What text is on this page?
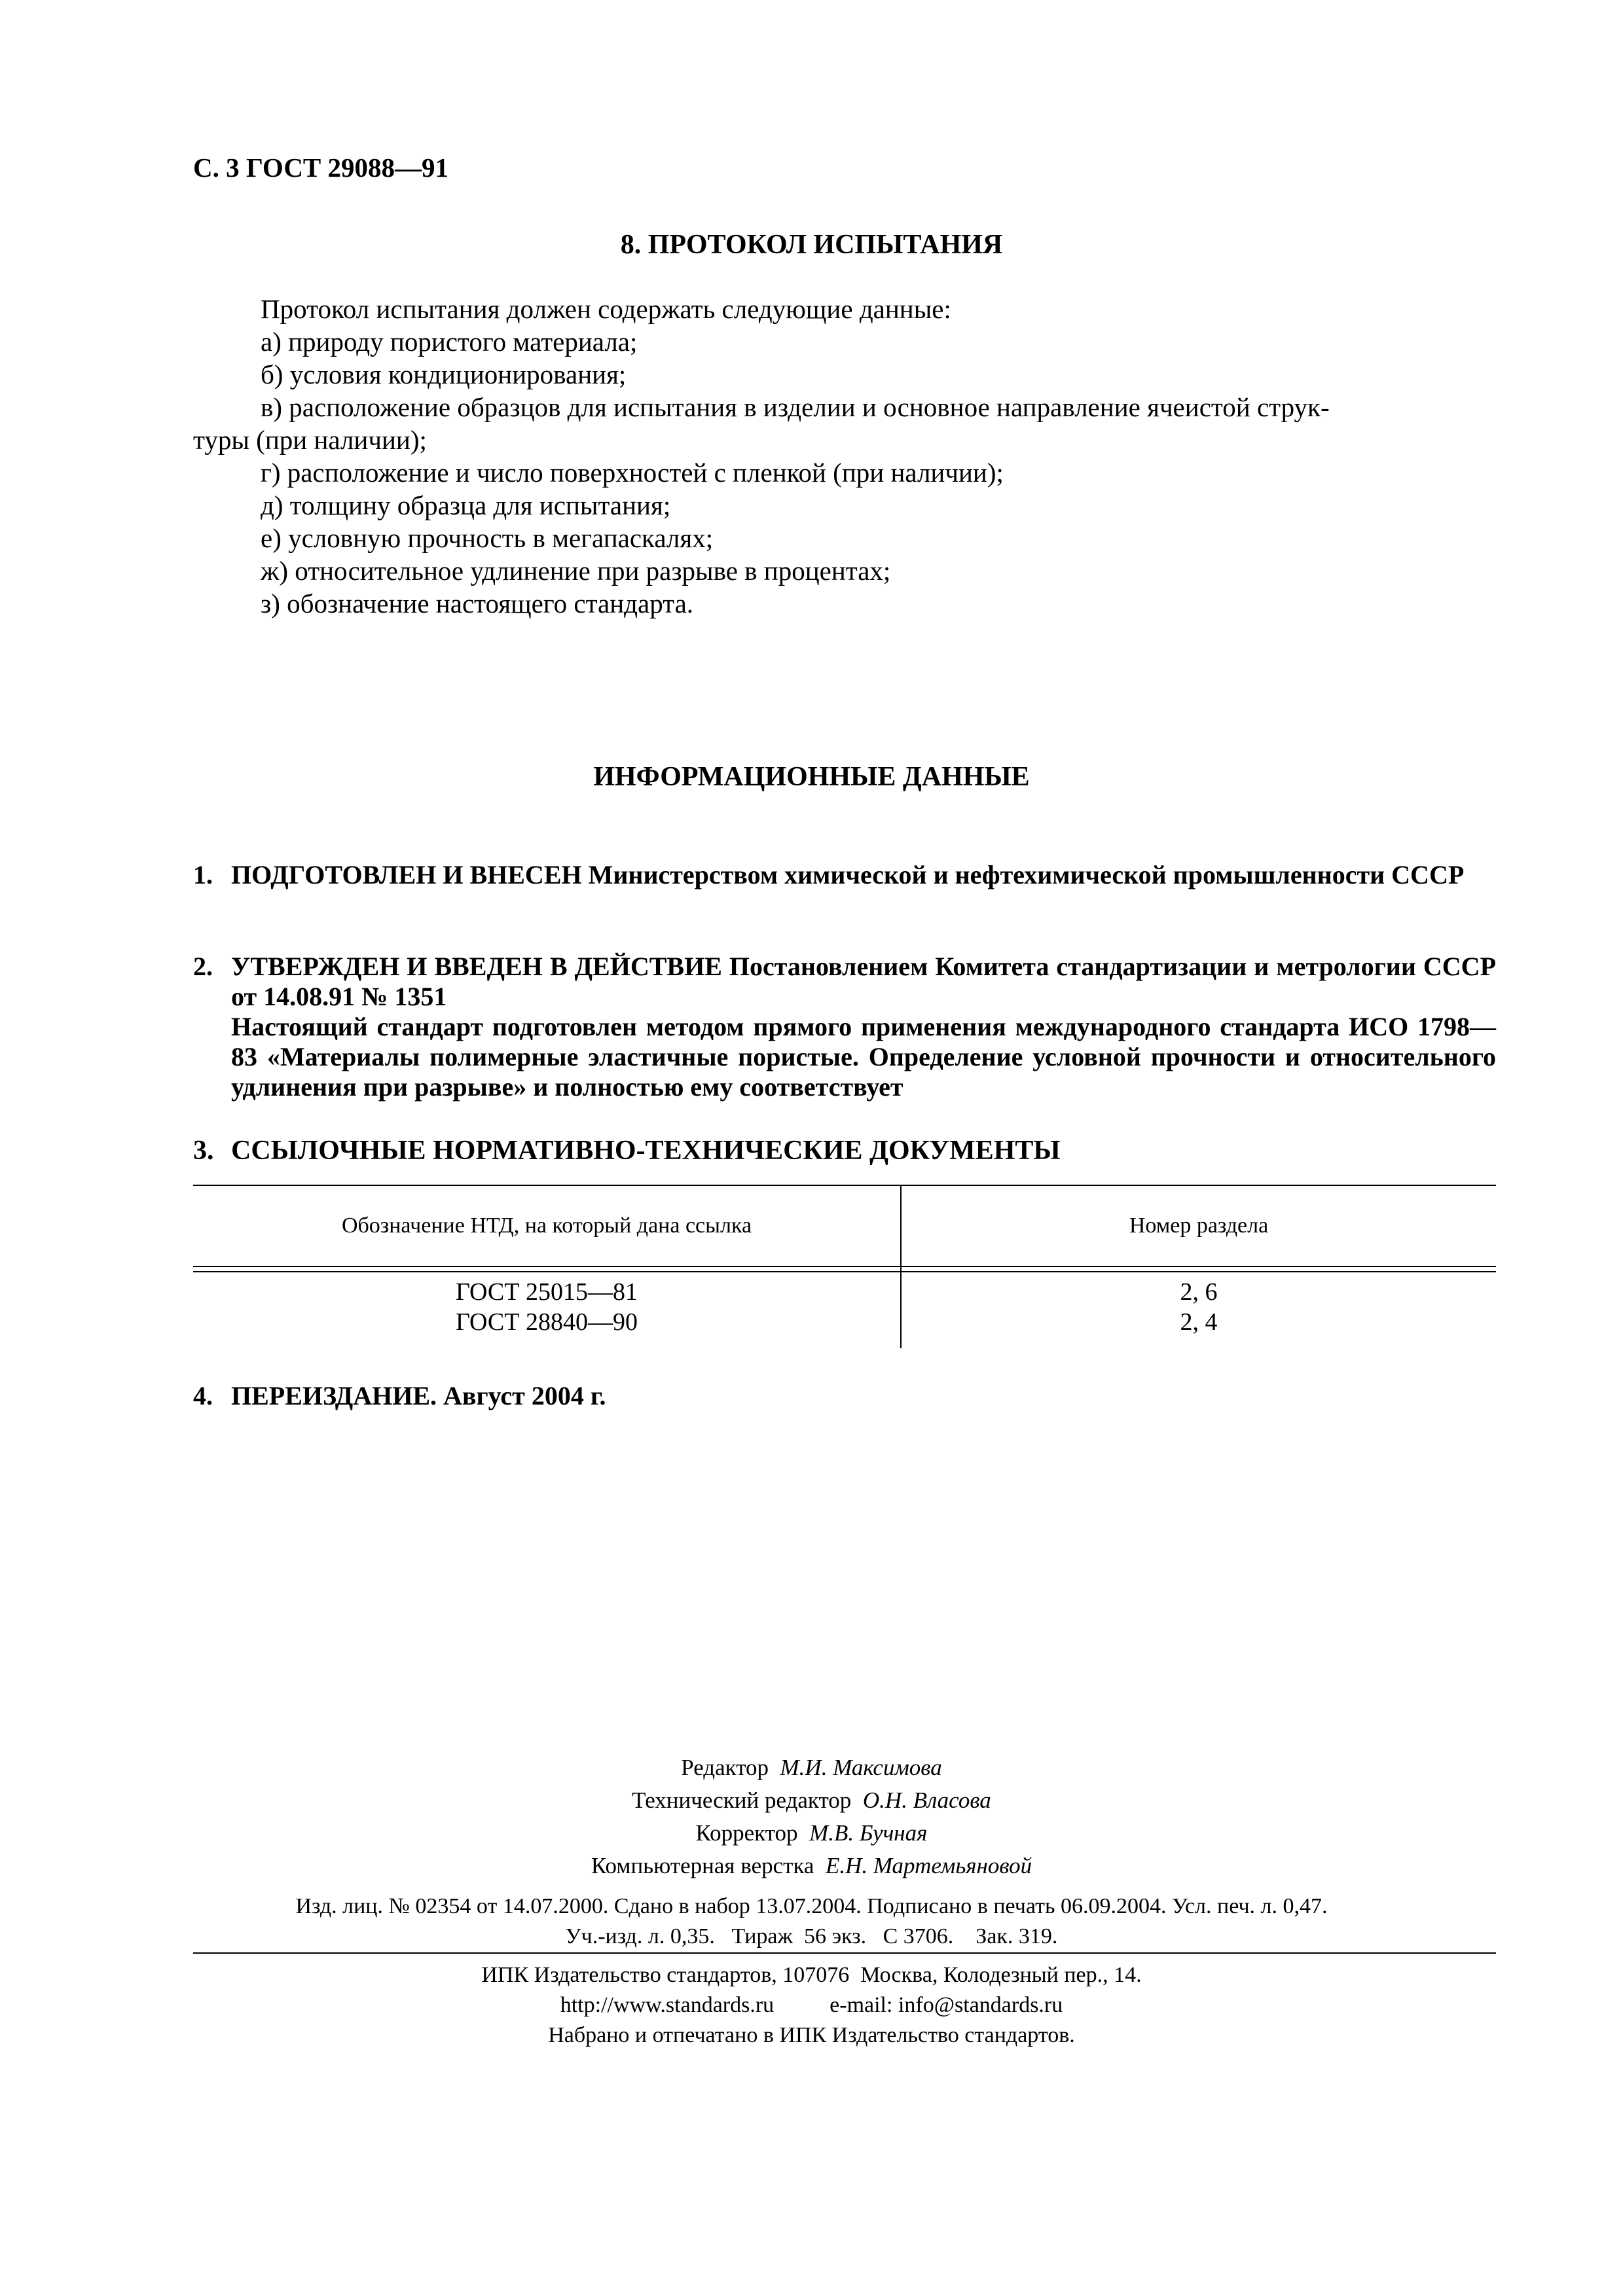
С. 3 ГОСТ 29088—91
8. ПРОТОКОЛ ИСПЫТАНИЯ
Протокол испытания должен содержать следующие данные:
а) природу пористого материала;
б) условия кондиционирования;
в) расположение образцов для испытания в изделии и основное направление ячеистой струк-
туры (при наличии);
г) расположение и число поверхностей с пленкой (при наличии);
д) толщину образца для испытания;
е) условную прочность в мегапаскалях;
ж) относительное удлинение при разрыве в процентах;
з) обозначение настоящего стандарта.
ИНФОРМАЦИОННЫЕ ДАННЫЕ
1. ПОДГОТОВЛЕН И ВНЕСЕН Министерством химической и нефтехимической промышленности СССР

2. УТВЕРЖДЕН И ВВЕДЕН В ДЕЙСТВИЕ Постановлением Комитета стандартизации и метрологии СССР от 14.08.91 № 1351

Настоящий стандарт подготовлен методом прямого применения международного стандарта ИСО 1798—83 «Материалы полимерные эластичные пористые. Определение условной прочности и относительного удлинения при разрыве» и полностью ему соответствует

3. ССЫЛОЧНЫЕ НОРМАТИВНО-ТЕХНИЧЕСКИЕ ДОКУМЕНТЫ

Обозначение НТД, на который дана ссылка	Номер раздела
ГОСТ 25015—81	2, 6
ГОСТ 28840—90	2, 4
4. ПЕРЕИЗДАНИЕ. Август 2004 г.

Редактор М.И. Максимова
Технический редактор О.Н. Власова
Корректор М.В. Бучная
Компьютерная верстка Е.Н. Мартемьяновой
Изд. лиц. № 02354 от 14.07.2000. Сдано в набор 13.07.2004. Подписано в печать 06.09.2004. Усл. печ. л. 0,47.
Уч.-изд. л. 0,35.   Тираж  56 экз.   С 3706.    Зак. 319.
ИПК Издательство стандартов, 107076  Москва, Колодезный пер., 14.
http://www.standards.ru          e-mail: info@standards.ru
Набрано и отпечатано в ИПК Издательство стандартов.
